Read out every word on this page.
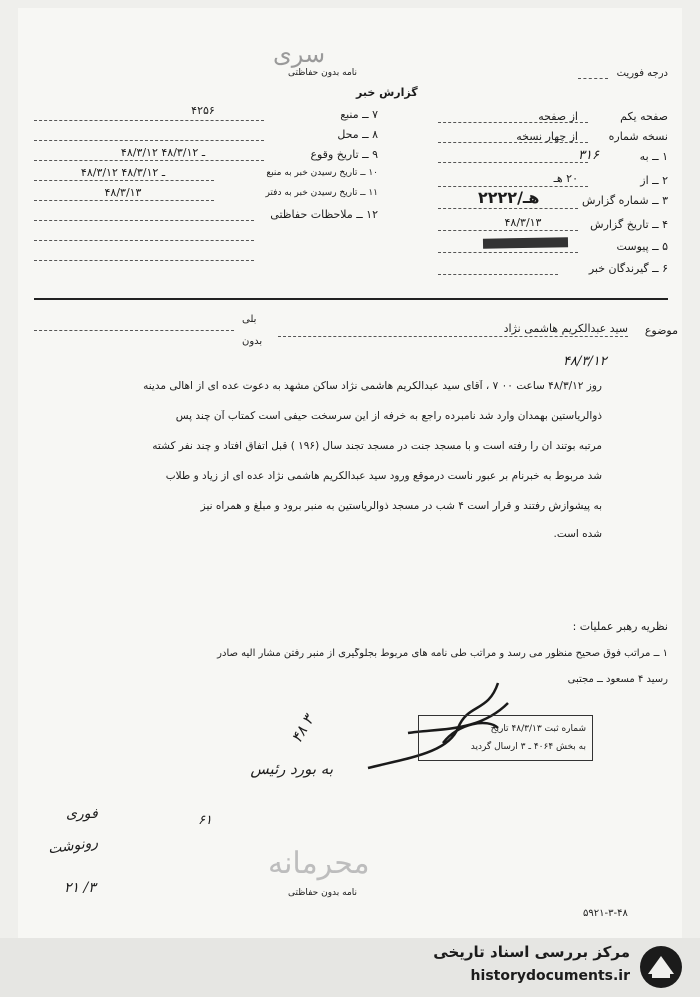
سری
نامه بدون حفاظتی
گزارش خبر
درجه فوریت
۷ ــ منبع
۴۲۵۶
۸ ــ محل
۹ ــ تاریخ وقوع
۴۸/۳/۱۲ ـ ۴۸/۳/۱۲
۱۰ ــ تاریخ رسیدن خبر به منبع
۴۸/۳/۱۲ ـ ۴۸/۳/۱۲
۱۱ ــ تاریخ رسیدن خبر به دفتر
۴۸/۳/۱۳
۱۲ ــ ملاحظات حفاظتی
صفحه یکم
از صفحه
نسخه شماره
از چهار نسخه
۱ ــ به
۳۱۶
۲ ــ از
۲۰ هـ
۳ ــ شماره گزارش
۲۲۲۲/هـ
۴ ــ تاریخ گزارش
۴۸/۳/۱۳
۵ ــ پیوست
۶ ــ گیرندگان خبر
بلی
بدون
موضوع
سید عبدالکریم هاشمی نژاد
۴۸/۳/۱۲
روز ۴۸/۳/۱۲ ساعت ۰۰ ۷ ، آقای سید عبدالکریم هاشمی نژاد ساکن مشهد به دعوت عده ای از اهالی مدینه
ذوالریاستین بهمدان وارد شد نامبرده راجع به خرفه از این سرسخت حیفی است کمتاب آن چند پس
مرتبه بوتند ان را رفته است و با مسجد جنت در مسجد تجند سال (۱۹۶ ) قبل اتفاق افتاد و چند نفر کشته
شد مربوط به خبرنام بر عبور ناست درموقع ورود سید عبدالکریم هاشمی نژاد عده ای از زیاد و طلاب
به پیشوازش رفتند و قرار است ۴ شب در مسجد ذوالریاستین به منبر برود و مبلغ و همراه نیز
شده است.
نظریه رهبر عملیات :
۱ ــ مراتب فوق صحیح منظور می رسد و مراتب طی نامه های مربوط بجلوگیری از منبر رفتن مشار الیه صادر
رسید ۴ مسعود ــ مجتبی
شماره ثبت ۴۸/۳/۱۳ تاریخ
به بخش ۴۰۶۴ ـ ۳ ارسال گردید
۴۸ ۳
به بورد رئیس
۶۱
فوری
رونوشت
۲۱ /۳
محرمانه
نامه بدون حفاظتی
۵۹۲۱-۳-۴۸
مرکز بررسی اسناد تاریخی
historydocuments.ir
